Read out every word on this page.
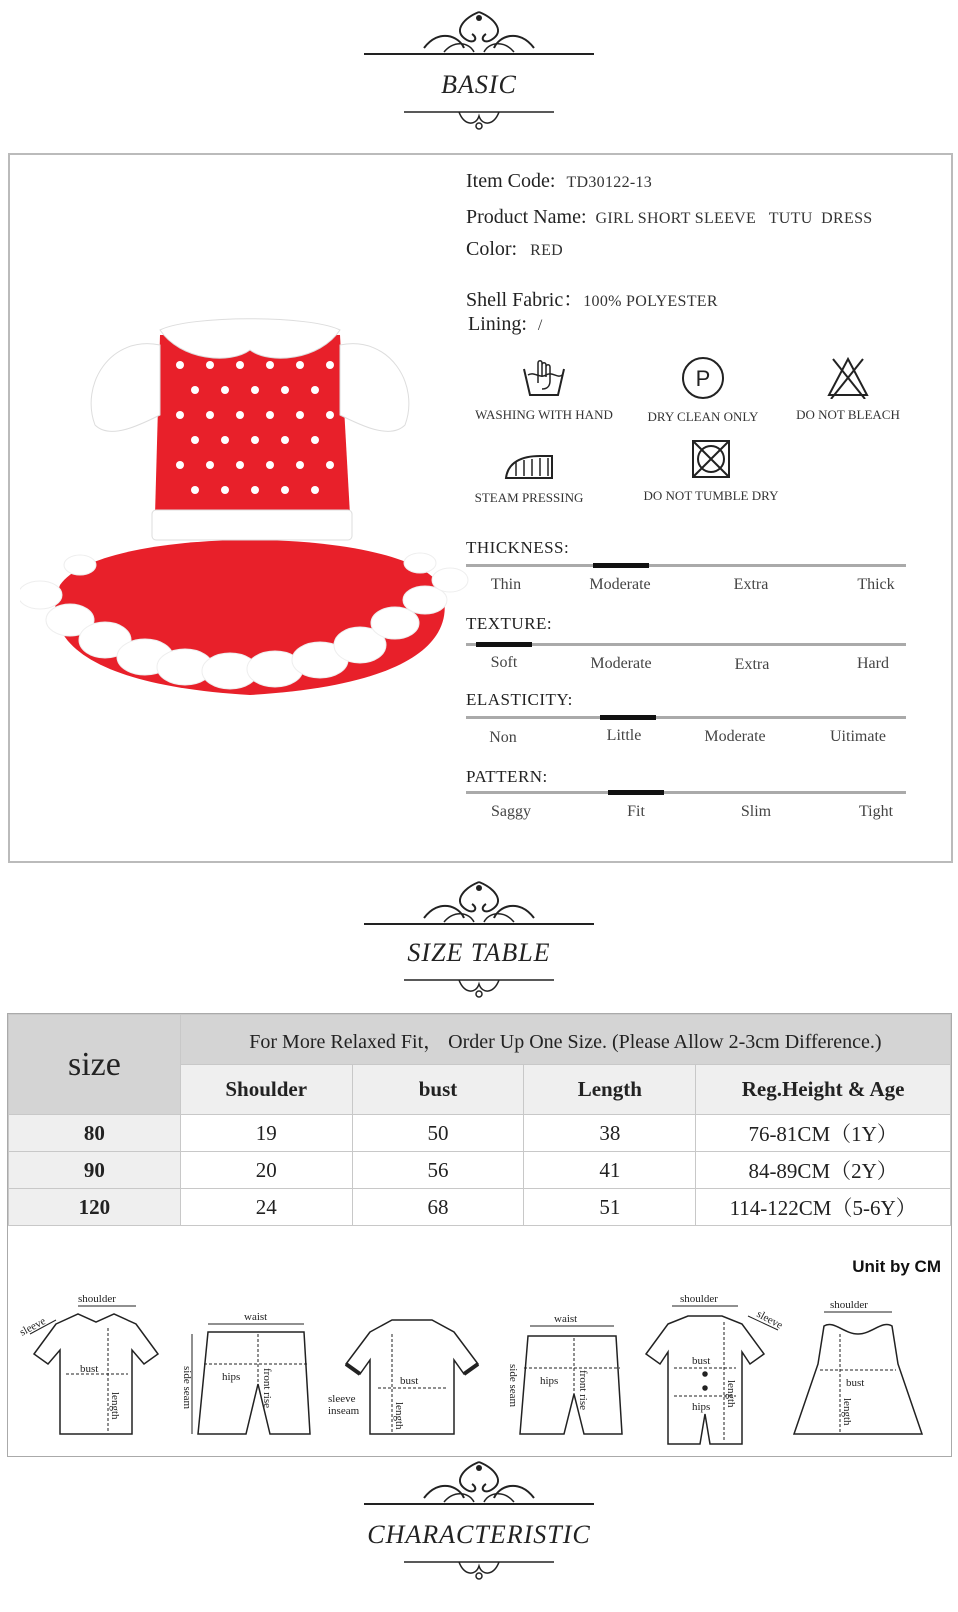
BASIC
Item Code: TD30122-13
Product Name: GIRL SHORT SLEEVE   TUTU  DRESS
Color: RED
Shell Fabric：100% POLYESTER
Lining: /
WASHING WITH HAND
P
DRY CLEAN ONLY	DO NOT BLEACH
STEAM PRESSING	DO NOT TUMBLE DRY
THICKNESS:
Thin	Moderate	Extra	Thick
TEXTURE:
Soft	Moderate	Extra	Hard
ELASTICITY:
Non	Little	Moderate	Uitimate
PATTERN:
Saggy	Fit	Slim	Tight
SIZE TABLE
size	For More Relaxed Fit， Order Up One Size. (Please Allow 2-3cm Difference.)			
	Shoulder	bust	Length	Reg.Height & Age
80	19	50	38	76-81CM（1Y）
90	20	56	41	84-89CM（2Y）
120	24	68	51	114-122CM（5-6Y）
Unit by CM
shoulder
sleeve
bust
length
waist
hips front rise
side seam	bust
length
sleeve
inseam
waist
hips front rise
side seam
shoulder
sleeve
bust
hips length
shoulder
bust
length
CHARACTERISTIC
